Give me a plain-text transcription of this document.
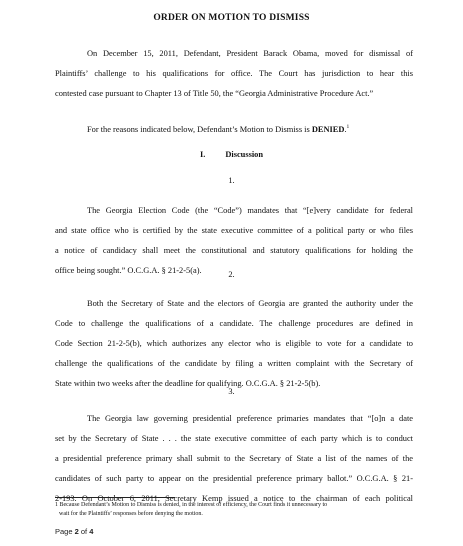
ORDER ON MOTION TO DISMISS
On December 15, 2011, Defendant, President Barack Obama, moved for dismissal of
Plaintiffs’ challenge to his qualifications for office. The Court has jurisdiction to hear this
contested case pursuant to Chapter 13 of Title 50, the “Georgia Administrative Procedure Act.”
For the reasons indicated below, Defendant’s Motion to Dismiss is DENIED.$^1$
I. Discussion
1.
The Georgia Election Code (the “Code”) mandates that “[e]very candidate for federal
and state office who is certified by the state executive committee of a political party or who files
a notice of candidacy shall meet the constitutional and statutory qualifications for holding the
office being sought.” O.C.G.A. § 21-2-5(a).	2.
Both the Secretary of State and the electors of Georgia are granted the authority under the
Code to challenge the qualifications of a candidate. The challenge procedures are defined in
Code Section 21-2-5(b), which authorizes any elector who is eligible to vote for a candidate to
challenge the qualifications of the candidate by filing a written complaint with the Secretary of
State within two weeks after the deadline for qualifying. O.C.G.A. § 21-2-5(b).
3.
The Georgia law governing presidential preference primaries mandates that “[o]n a date
set by the Secretary of State . . . the state executive committee of each party which is to conduct
a presidential preference primary shall submit to the Secretary of State a list of the names of the
candidates of such party to appear on the presidential preference primary ballot.” O.C.G.A. § 21-
2-193. On October 6, 2011, Secretary Kemp issued a notice to the chairman of each political
1 Because Defendant’s Motion to Dismiss is denied, in the interest of efficiency, the Court finds it unnecessary to
wait for the Plaintiffs’ responses before denying the motion.
Page 2 of 4
